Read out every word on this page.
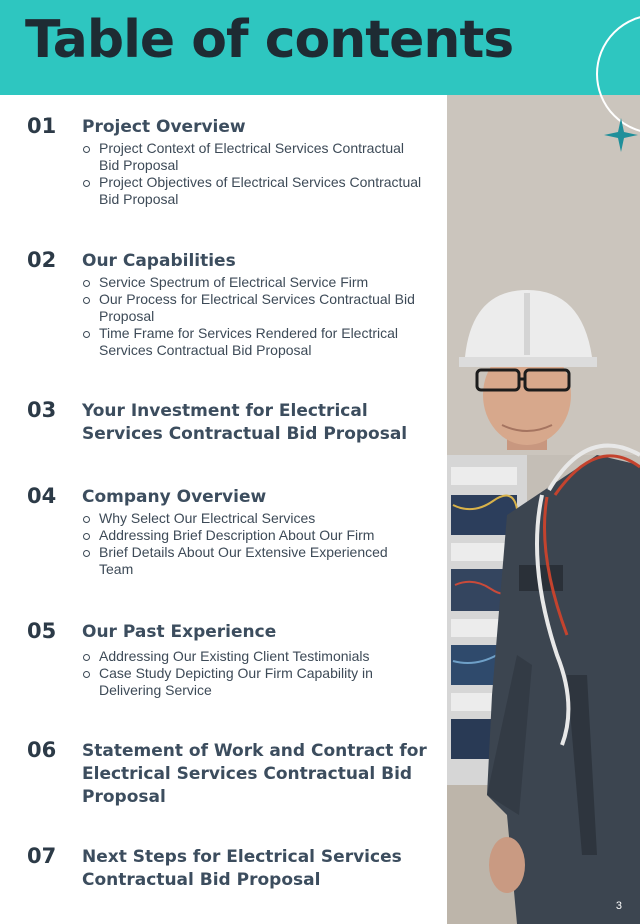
Table of contents
3
01 Project Overview
Project Context of Electrical Services Contractual Bid Proposal
Project Objectives of Electrical Services Contractual Bid Proposal
02 Our Capabilities
Service Spectrum of Electrical Service Firm
Our Process for Electrical Services Contractual Bid Proposal
Time Frame for Services Rendered for Electrical Services Contractual Bid Proposal
03 Your Investment for Electrical Services Contractual Bid Proposal
04 Company Overview
Why Select Our Electrical Services
Addressing Brief Description About Our Firm
Brief Details About Our Extensive Experienced Team
05 Our Past Experience
Addressing Our Existing Client Testimonials
Case Study Depicting Our Firm Capability in Delivering Service
06 Statement of Work and Contract for Electrical Services Contractual Bid Proposal
07 Next Steps for Electrical Services Contractual Bid Proposal
